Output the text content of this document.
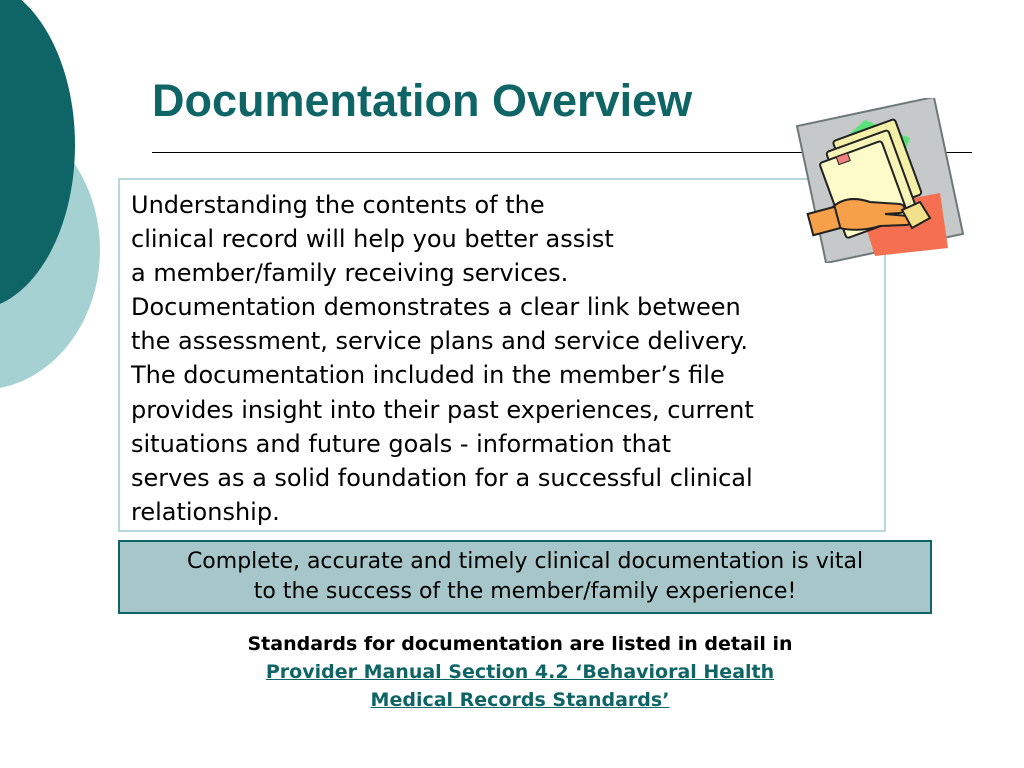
Documentation Overview

Understanding the contents of the

clinical record will help you better assist

a member/family receiving services.

Documentation demonstrates a clear link between

the assessment, service plans and service delivery.

The documentation included in the member’s file

provides insight into their past experiences, current

situations and future goals - information that

serves as a solid foundation for a successful clinical

relationship.

Complete, accurate and timely clinical documentation is vital
to the success of the member/family experience!
Standards for documentation are listed in detail in
Provider Manual Section 4.2 ‘Behavioral Health
Medical Records Standards’
